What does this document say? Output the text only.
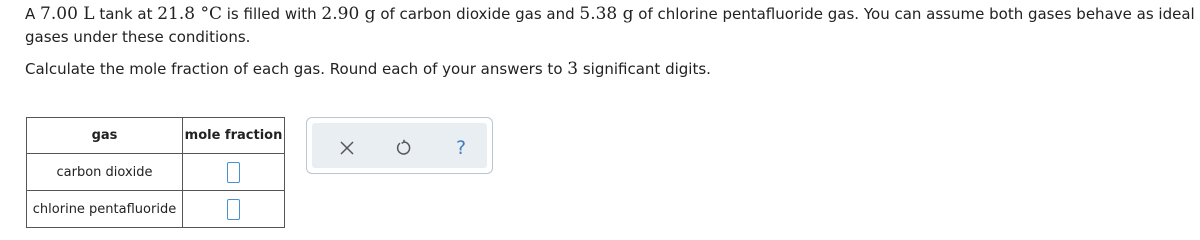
A 7.00 L tank at 21.8 °C is filled with 2.90 g of carbon dioxide gas and 5.38 g of chlorine pentafluoride gas. You can assume both gases behave as ideal gases under these conditions.
Calculate the mole fraction of each gas. Round each of your answers to 3 significant digits.
gas	mole fraction
carbon dioxide	
chlorine pentafluoride	
?
